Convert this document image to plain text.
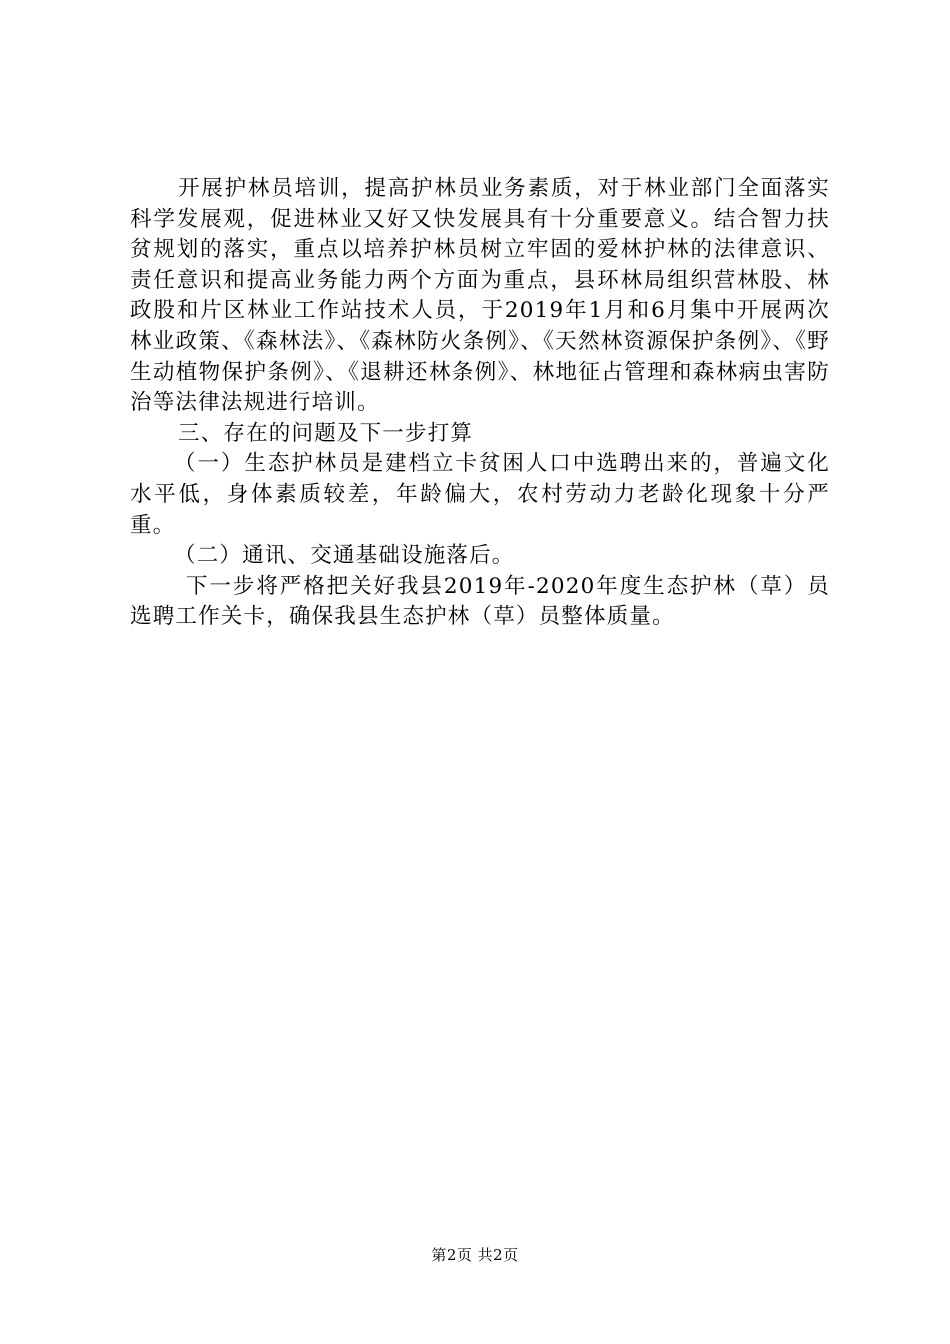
开展护林员培训，提高护林员业务素质，对于林业部门全面落实科学发展观，促进林业又好又快发展具有十分重要意义。结合智力扶贫规划的落实，重点以培养护林员树立牢固的爱林护林的法律意识、责任意识和提高业务能力两个方面为重点，县环林局组织营林股、林政股和片区林业工作站技术人员，于2019年1月和6月集中开展两次林业政策、《森林法》、《森林防火条例》、《天然林资源保护条例》、《野生动植物保护条例》、《退耕还林条例》、林地征占管理和森林病虫害防治等法律法规进行培训。

三、存在的问题及下一步打算

（一）生态护林员是建档立卡贫困人口中选聘出来的，普遍文化水平低，身体素质较差，年龄偏大，农村劳动力老龄化现象十分严重。

（二）通讯、交通基础设施落后。

下一步将严格把关好我县2019年-2020年度生态护林（草）员选聘工作关卡，确保我县生态护林（草）员整体质量。

第2页 共2页
